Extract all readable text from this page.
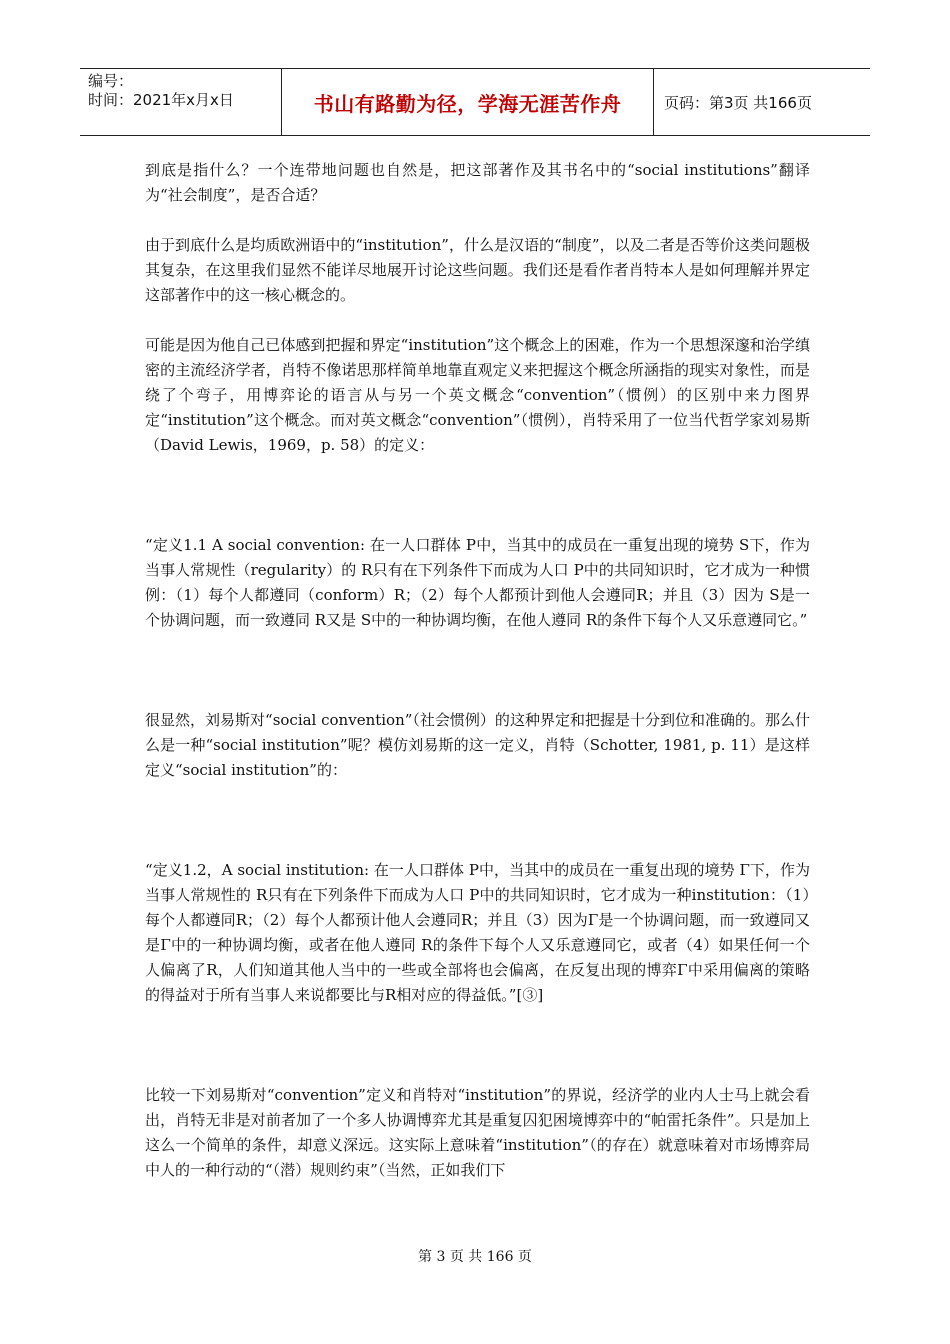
编号：
时间：2021年x月x日	书山有路勤为径，学海无涯苦作舟	页码：第3页 共166页

到底是指什么？一个连带地问题也自然是，把这部著作及其书名中的“social institutions”翻译为“社会制度”，是否合适？

由于到底什么是均质欧洲语中的“institution”，什么是汉语的“制度”，以及二者是否等价这类问题极其复杂，在这里我们显然不能详尽地展开讨论这些问题。我们还是看作者肖特本人是如何理解并界定这部著作中的这一核心概念的。

可能是因为他自己已体感到把握和界定“institution”这个概念上的困难，作为一个思想深邃和治学缜密的主流经济学者，肖特不像诺思那样简单地靠直观定义来把握这个概念所涵指的现实对象性，而是绕了个弯子，用博弈论的语言从与另一个英文概念“convention”（惯例）的区别中来力图界定“institution”这个概念。而对英文概念“convention”（惯例），肖特采用了一位当代哲学家刘易斯（David Lewis，1969，p. 58）的定义：

“定义1.1 A social convention: 在一人口群体 P中，当其中的成员在一重复出现的境势 S下，作为当事人常规性（regularity）的 R只有在下列条件下而成为人口 P中的共同知识时，它才成为一种惯例：（1）每个人都遵同（conform）R；（2）每个人都预计到他人会遵同R；并且（3）因为 S是一个协调问题，而一致遵同 R又是 S中的一种协调均衡，在他人遵同 R的条件下每个人又乐意遵同它。”

很显然，刘易斯对“social convention”（社会惯例）的这种界定和把握是十分到位和准确的。那么什么是一种“social institution”呢？模仿刘易斯的这一定义，肖特（Schotter, 1981, p. 11）是这样定义“social institution”的：

“定义1.2，A social institution: 在一人口群体 P中，当其中的成员在一重复出现的境势 Γ下，作为当事人常规性的 R只有在下列条件下而成为人口 P中的共同知识时，它才成为一种institution：（1）每个人都遵同R；（2）每个人都预计他人会遵同R；并且（3）因为Γ是一个协调问题，而一致遵同又是Γ中的一种协调均衡，或者在他人遵同 R的条件下每个人又乐意遵同它，或者（4）如果任何一个人偏离了R，人们知道其他人当中的一些或全部将也会偏离，在反复出现的博弈Γ中采用偏离的策略的得益对于所有当事人来说都要比与R相对应的得益低。”[③]

比较一下刘易斯对“convention”定义和肖特对“institution”的界说，经济学的业内人士马上就会看出，肖特无非是对前者加了一个多人协调博弈尤其是重复囚犯困境博弈中的“帕雷托条件”。只是加上这么一个简单的条件，却意义深远。这实际上意味着“institution”（的存在）就意味着对市场博弈局中人的一种行动的“（潜）规则约束”（当然，正如我们下

第 3 页 共 166 页
